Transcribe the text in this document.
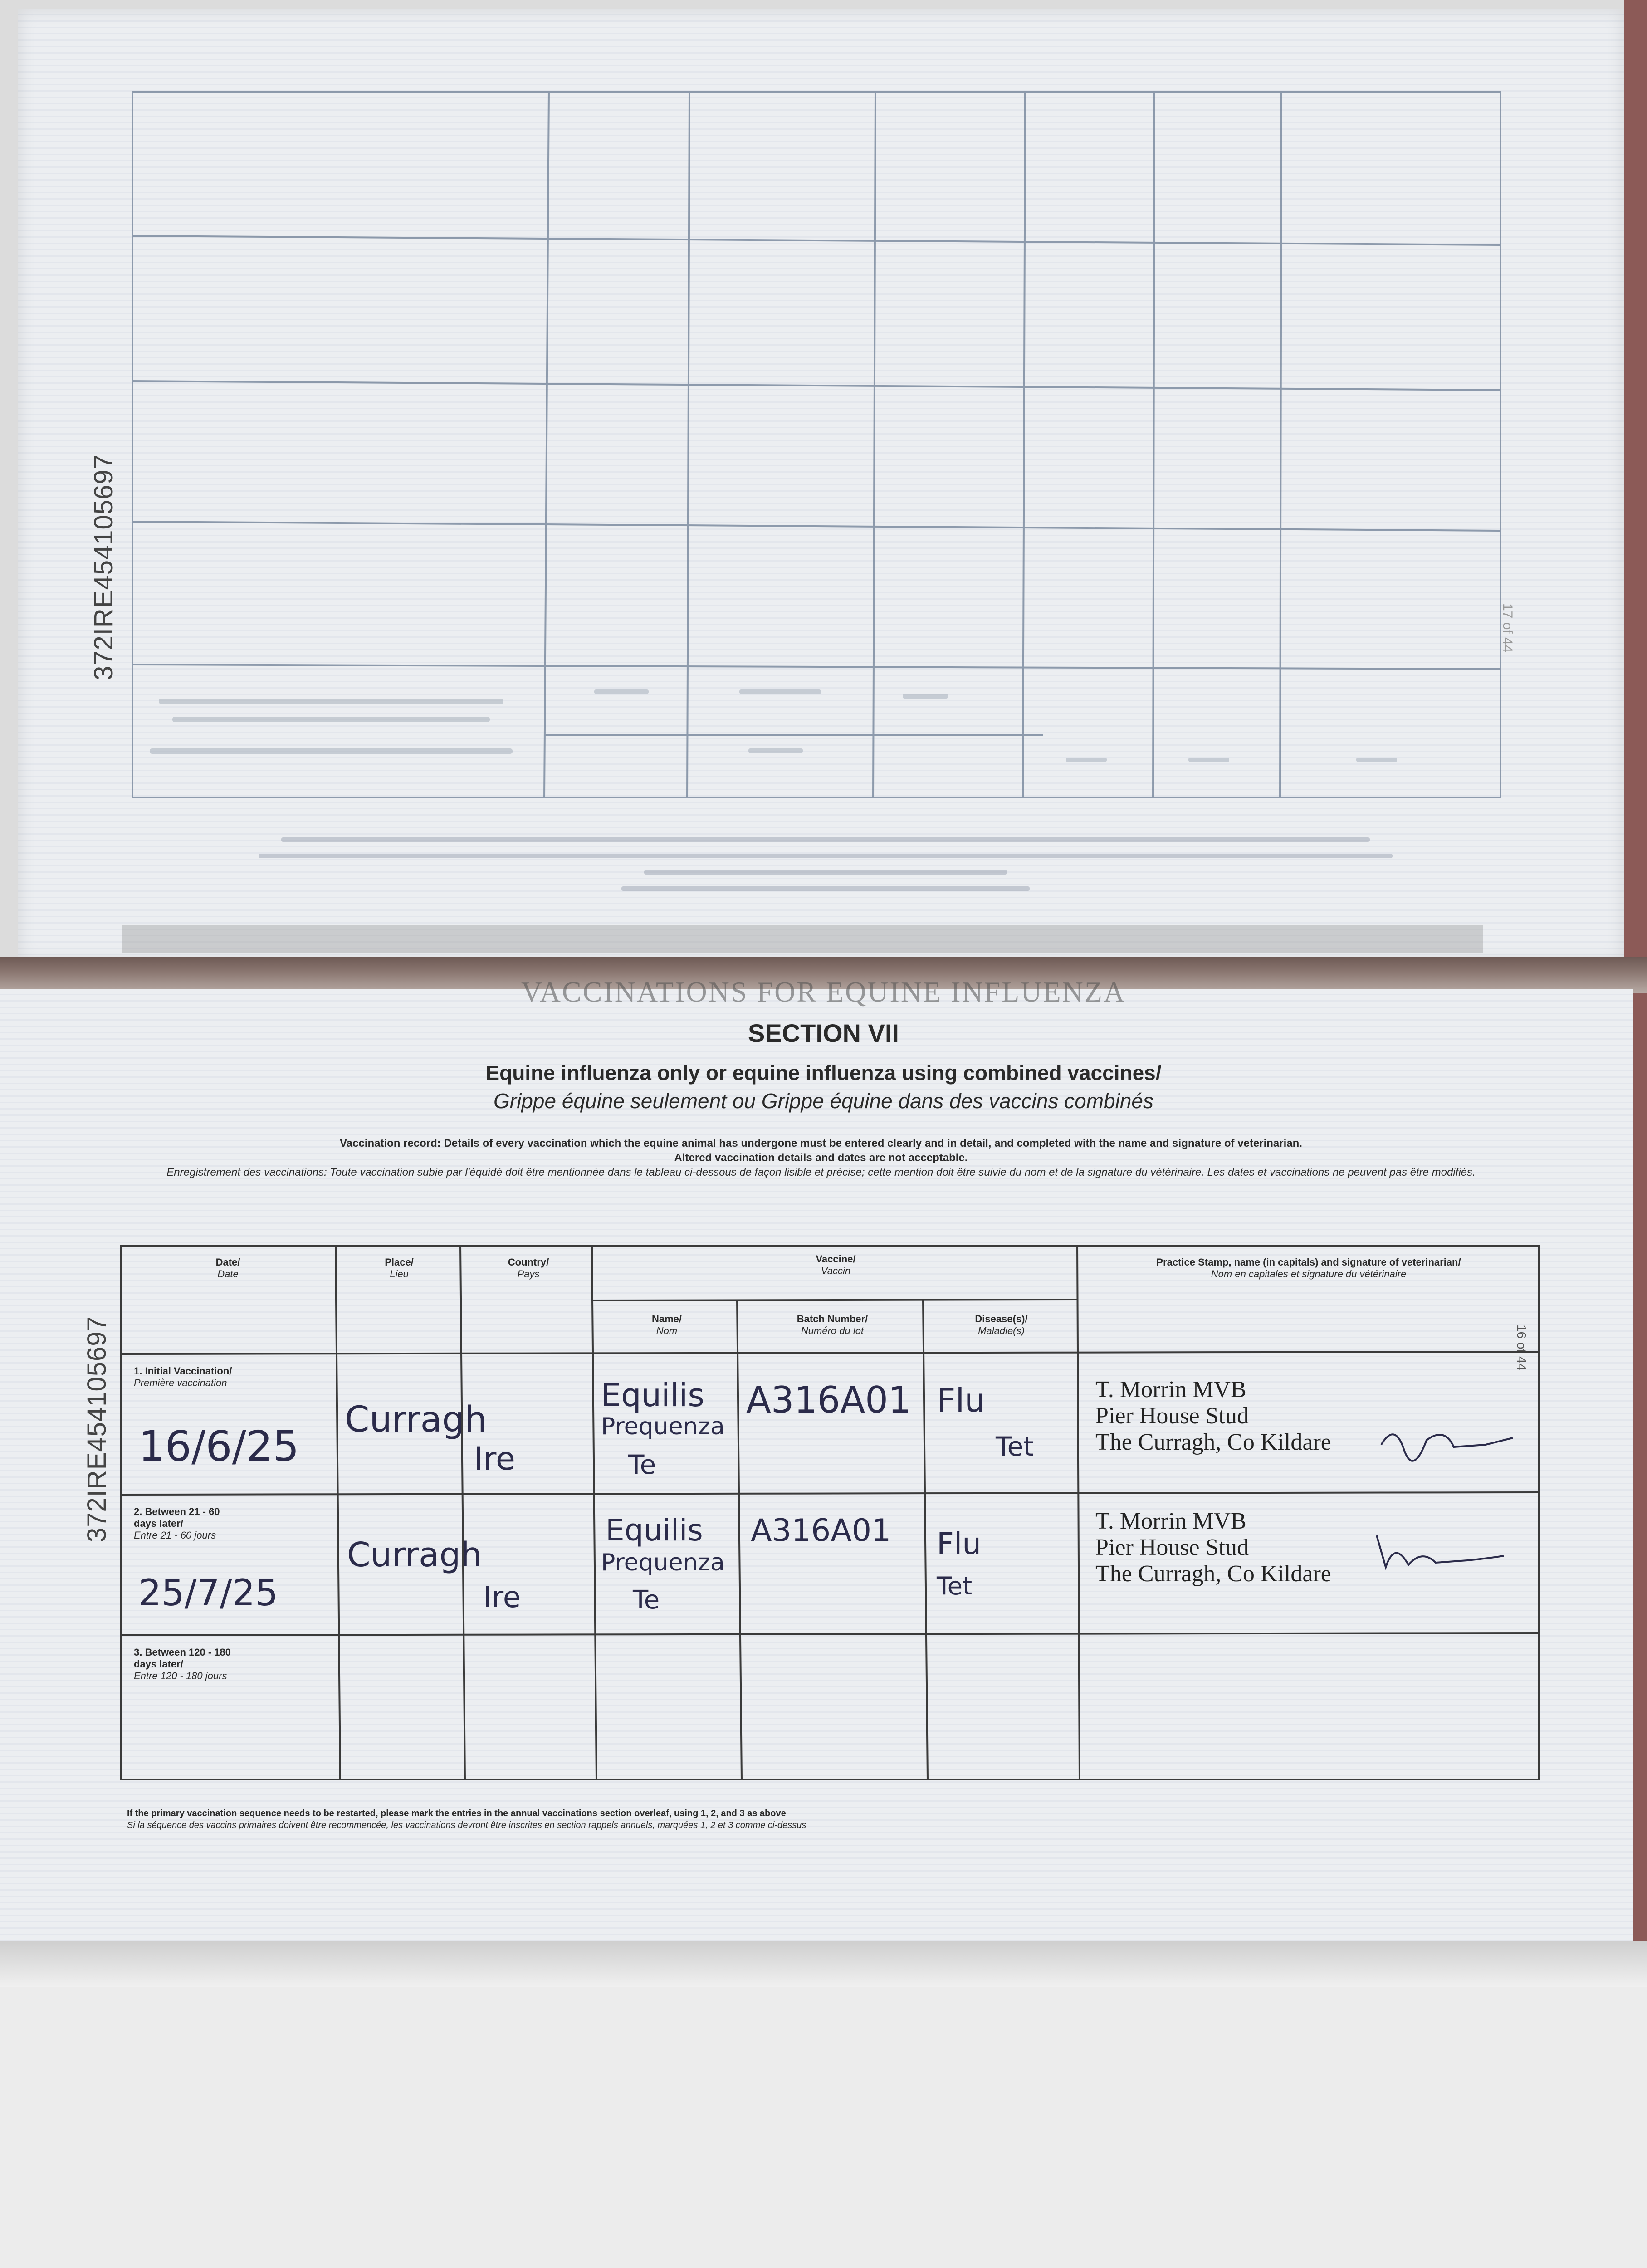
372IRE454105697	17 of 44
VACCINATIONS FOR EQUINE INFLUENZA
SECTION VII
Equine influenza only or equine influenza using combined vaccines/
Grippe équine seulement ou Grippe équine dans des vaccins combinés
Vaccination record: Details of every vaccination which the equine animal has undergone must be entered clearly and in detail, and completed with the name and signature of veterinarian.
Altered vaccination details and dates are not acceptable.
Enregistrement des vaccinations: Toute vaccination subie par l'équidé doit être mentionnée dans le tableau ci-dessous de façon lisible et précise; cette mention doit être suivie du nom et de la signature du vétérinaire. Les dates et vaccinations ne peuvent pas être modifiés.
372IRE454105697	16 of 44
Date/
Date
Place/
Lieu
Country/
Pays
Vaccine/
Vaccin
Name/
Nom
Batch Number/
Numéro du lot
Disease(s)/
Maladie(s)
Practice Stamp, name (in capitals) and signature of veterinarian/
Nom en capitales et signature du vétérinaire
1. Initial Vaccination/
Première vaccination
16/6/25
Curragh
Ire
Equilis
Prequenza
Te
A316A01 Flu
Tet
T. Morrin MVB
Pier House Stud
The Curragh, Co Kildare
2. Between 21 - 60
days later/
Entre 21 - 60 jours
25/7/25
Curragh
Ire
Equilis
Prequenza
Te
A316A01 Flu
Tet
T. Morrin MVB
Pier House Stud
The Curragh, Co Kildare
3. Between 120 - 180
days later/
Entre 120 - 180 jours
If the primary vaccination sequence needs to be restarted, please mark the entries in the annual vaccinations section overleaf, using 1, 2, and 3 as above
Si la séquence des vaccins primaires doivent être recommencée, les vaccinations devront être inscrites en section rappels annuels, marquées 1, 2 et 3 comme ci-dessus
